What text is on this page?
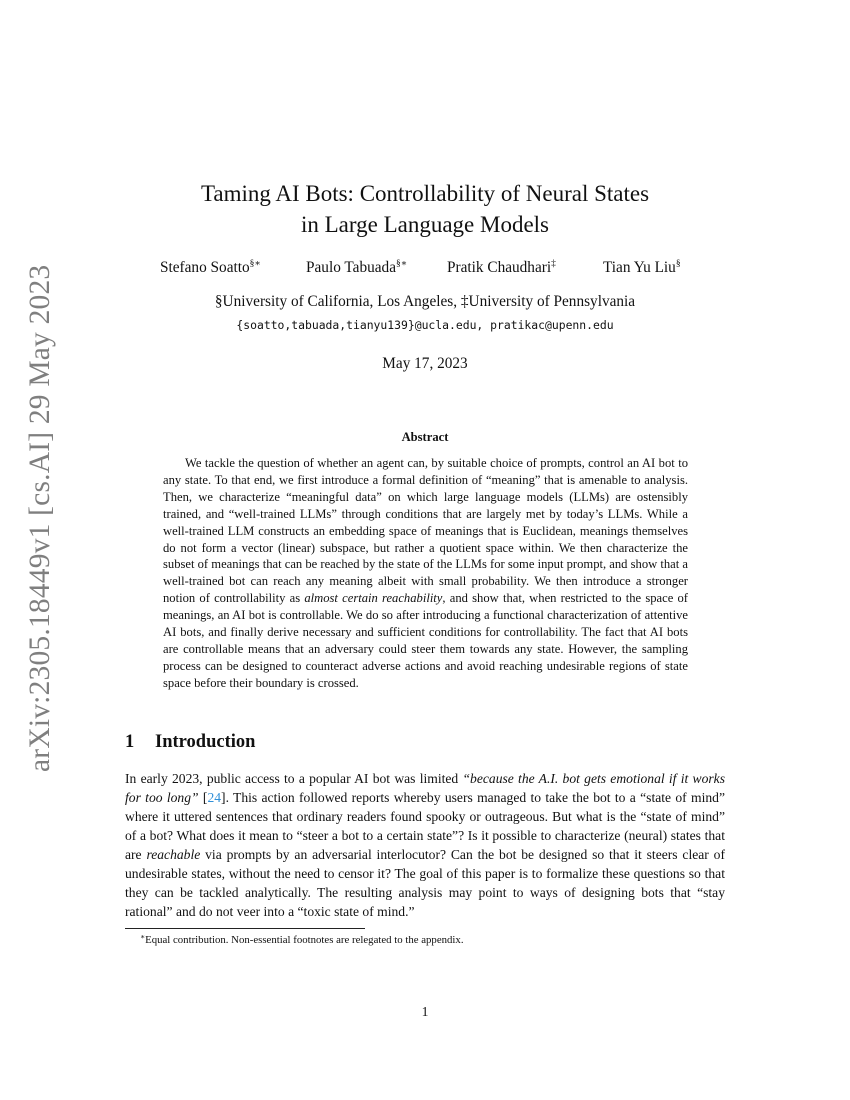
arXiv:2305.18449v1 [cs.AI] 29 May 2023
Taming AI Bots: Controllability of Neural States
in Large Language Models
Stefano Soatto§∗	Paulo Tabuada§∗	Pratik Chaudhari‡	Tian Yu Liu§
§University of California, Los Angeles, ‡University of Pennsylvania
{soatto,tabuada,tianyu139}@ucla.edu, pratikac@upenn.edu
May 17, 2023
Abstract

We tackle the question of whether an agent can, by suitable choice of prompts, control an AI bot to any state. To that end, we first introduce a formal definition of “meaning” that is amenable to analysis. Then, we characterize “meaningful data” on which large language models (LLMs) are ostensibly trained, and “well-trained LLMs” through conditions that are largely met by today’s LLMs. While a well-trained LLM constructs an embedding space of meanings that is Euclidean, meanings themselves do not form a vector (linear) subspace, but rather a quotient space within. We then characterize the subset of meanings that can be reached by the state of the LLMs for some input prompt, and show that a well-trained bot can reach any meaning albeit with small probability. We then introduce a stronger notion of controllability as almost certain reachability, and show that, when restricted to the space of meanings, an AI bot is controllable. We do so after introducing a functional characterization of attentive AI bots, and finally derive necessary and sufficient conditions for controllability. The fact that AI bots are controllable means that an adversary could steer them towards any state. However, the sampling process can be designed to counteract adverse actions and avoid reaching undesirable regions of state space before their boundary is crossed.

1 Introduction

In early 2023, public access to a popular AI bot was limited “because the A.I. bot gets emotional if it works for too long” [24]. This action followed reports whereby users managed to take the bot to a “state of mind” where it uttered sentences that ordinary readers found spooky or outrageous. But what is the “state of mind” of a bot? What does it mean to “steer a bot to a certain state”? Is it possible to characterize (neural) states that are reachable via prompts by an adversarial interlocutor? Can the bot be designed so that it steers clear of undesirable states, without the need to censor it? The goal of this paper is to formalize these questions so that they can be tackled analytically. The resulting analysis may point to ways of designing bots that “stay rational” and do not veer into a “toxic state of mind.”

∗Equal contribution. Non-essential footnotes are relegated to the appendix.
1
